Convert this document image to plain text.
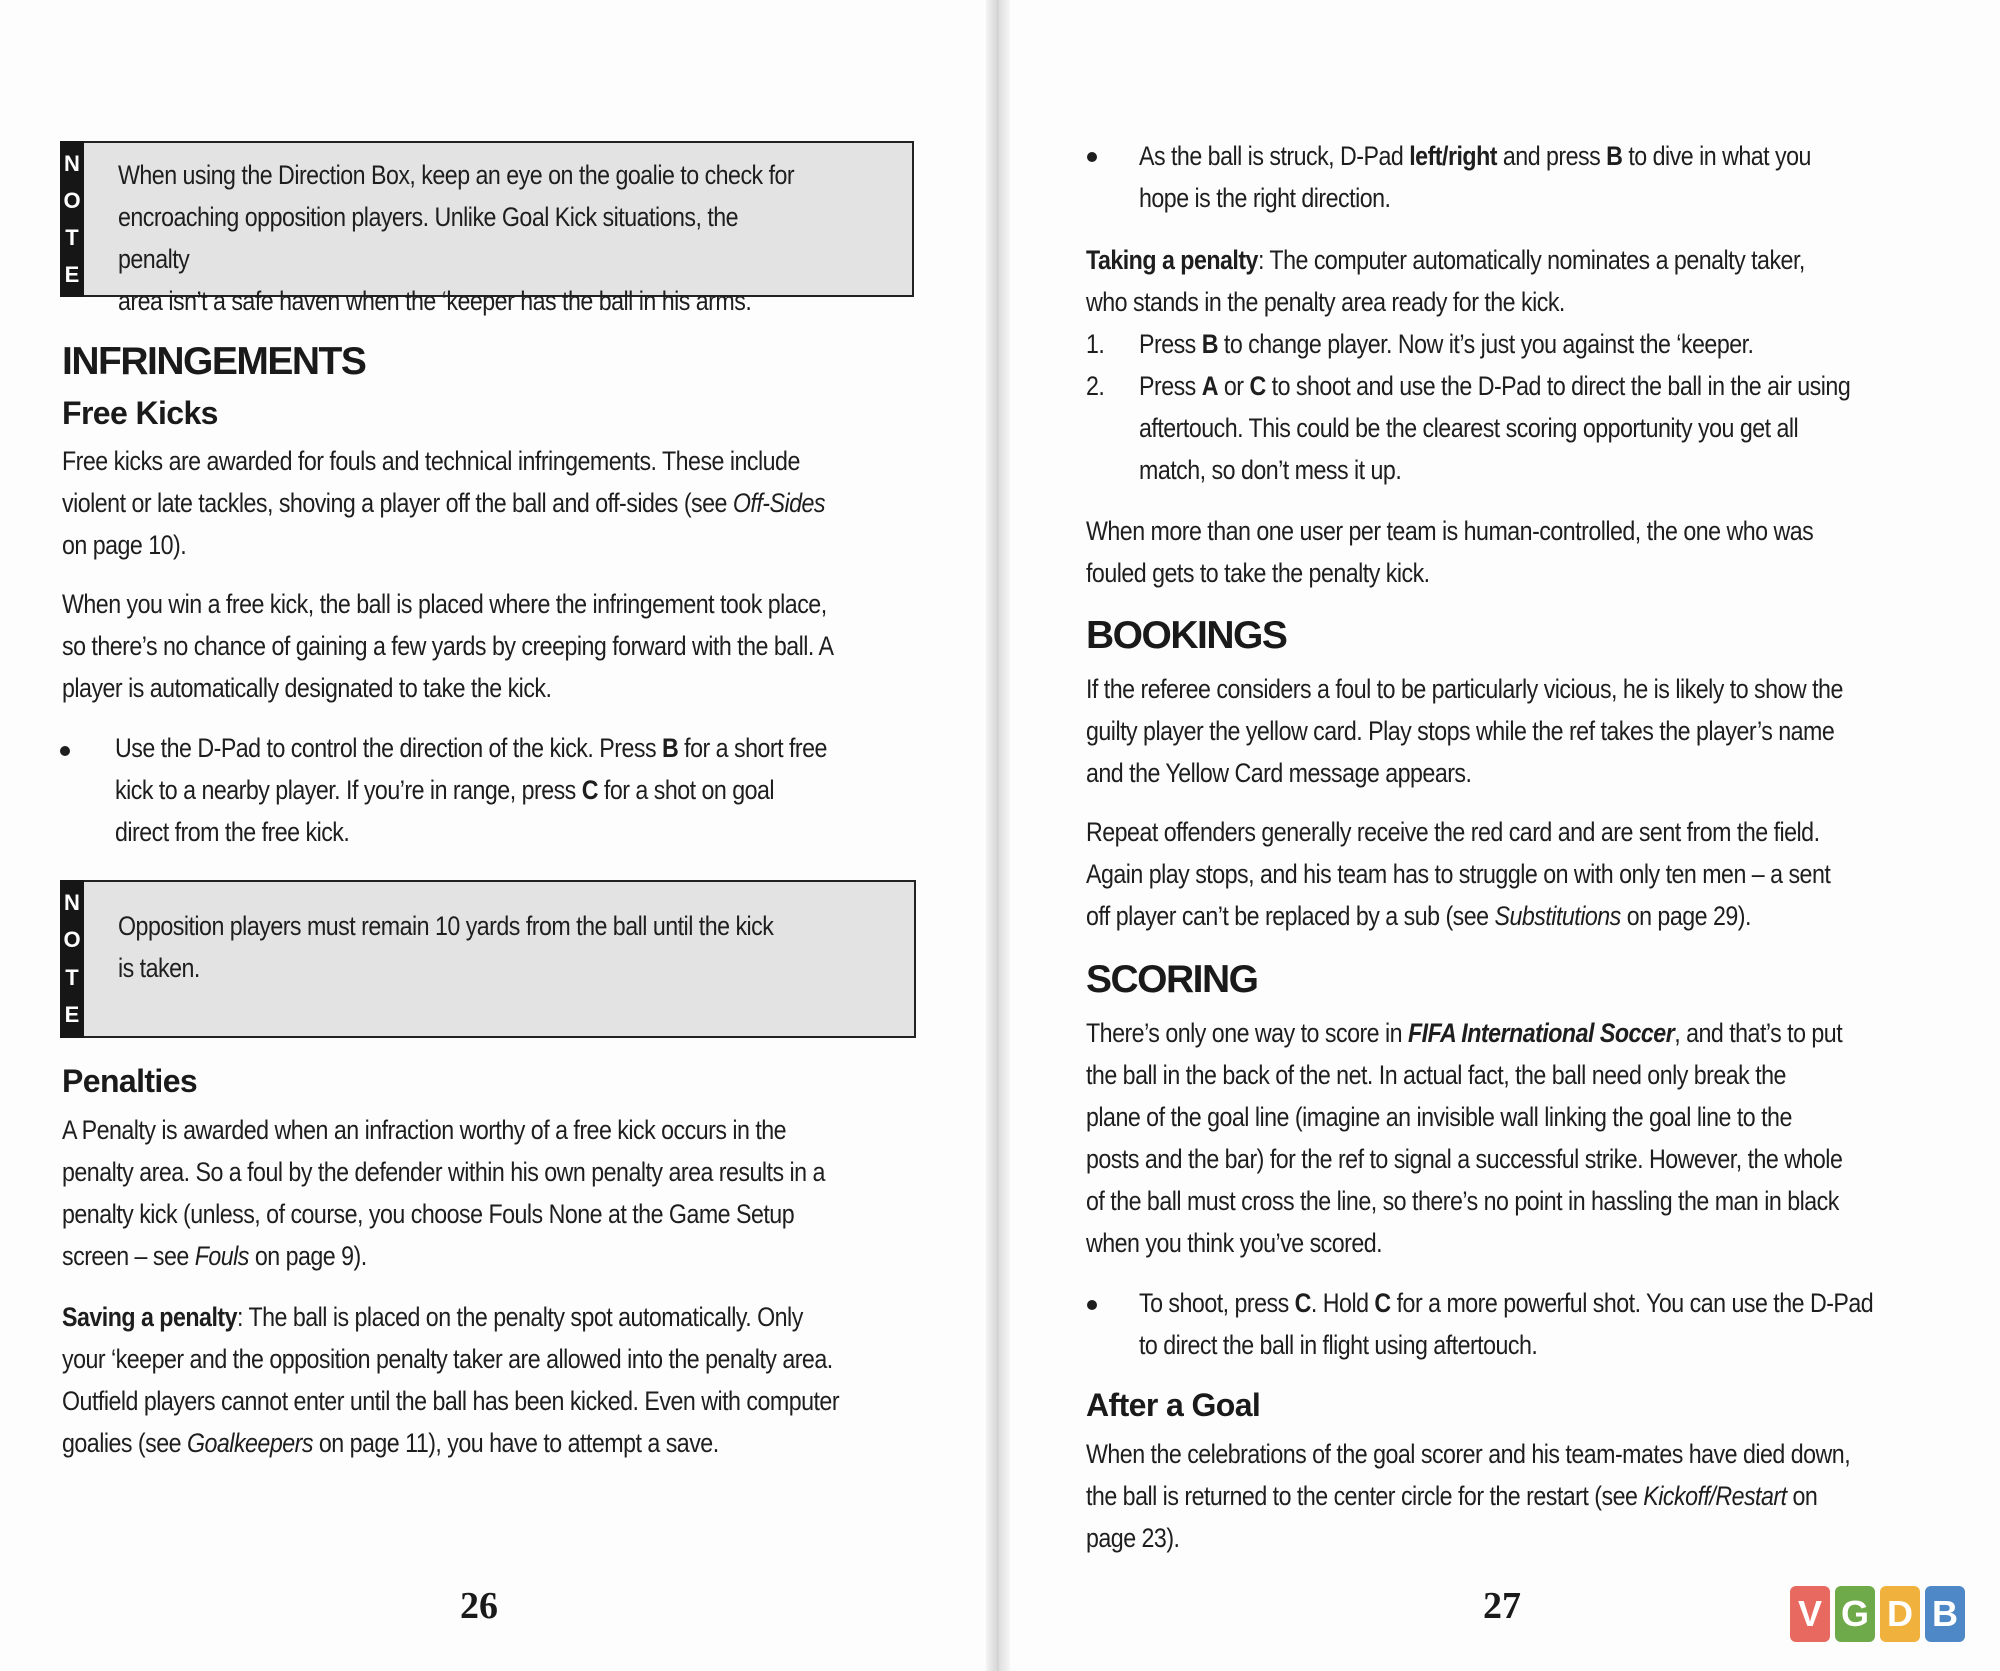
N
O
T
E
When using the Direction Box, keep an eye on the goalie to check for
encroaching opposition players. Unlike Goal Kick situations, the penalty
area isn’t a safe haven when the ‘keeper has the ball in his arms.
INFRINGEMENTS
Free Kicks
Free kicks are awarded for fouls and technical infringements. These include
violent or late tackles, shoving a player off the ball and off-sides (see Off-Sides
on page 10).
When you win a free kick, the ball is placed where the infringement took place,
so there’s no chance of gaining a few yards by creeping forward with the ball. A
player is automatically designated to take the kick.
Use the D-Pad to control the direction of the kick. Press B for a short free
kick to a nearby player. If you’re in range, press C for a shot on goal
direct from the free kick.
N
O
T
E
Opposition players must remain 10 yards from the ball until the kick
is taken.
Penalties
A Penalty is awarded when an infraction worthy of a free kick occurs in the
penalty area. So a foul by the defender within his own penalty area results in a
penalty kick (unless, of course, you choose Fouls None at the Game Setup
screen – see Fouls on page 9).
Saving a penalty: The ball is placed on the penalty spot automatically. Only
your ‘keeper and the opposition penalty taker are allowed into the penalty area.
Outfield players cannot enter until the ball has been kicked. Even with computer
goalies (see Goalkeepers on page 11), you have to attempt a save.
26
As the ball is struck, D-Pad left/right and press B to dive in what you
hope is the right direction.
Taking a penalty: The computer automatically nominates a penalty taker,
who stands in the penalty area ready for the kick.
1. Press B to change player. Now it’s just you against the ‘keeper.
2. Press A or C to shoot and use the D-Pad to direct the ball in the air using
aftertouch. This could be the clearest scoring opportunity you get all
match, so don’t mess it up.
When more than one user per team is human-controlled, the one who was
fouled gets to take the penalty kick.
BOOKINGS
If the referee considers a foul to be particularly vicious, he is likely to show the
guilty player the yellow card. Play stops while the ref takes the player’s name
and the Yellow Card message appears.
Repeat offenders generally receive the red card and are sent from the field.
Again play stops, and his team has to struggle on with only ten men – a sent
off player can’t be replaced by a sub (see Substitutions on page 29).
SCORING
There’s only one way to score in FIFA International Soccer, and that’s to put
the ball in the back of the net. In actual fact, the ball need only break the
plane of the goal line (imagine an invisible wall linking the goal line to the
posts and the bar) for the ref to signal a successful strike. However, the whole
of the ball must cross the line, so there’s no point in hassling the man in black
when you think you’ve scored.
To shoot, press C. Hold C for a more powerful shot. You can use the D-Pad
to direct the ball in flight using aftertouch.
After a Goal
When the celebrations of the goal scorer and his team-mates have died down,
the ball is returned to the center circle for the restart (see Kickoff/Restart on
page 23).
27	V G D B
